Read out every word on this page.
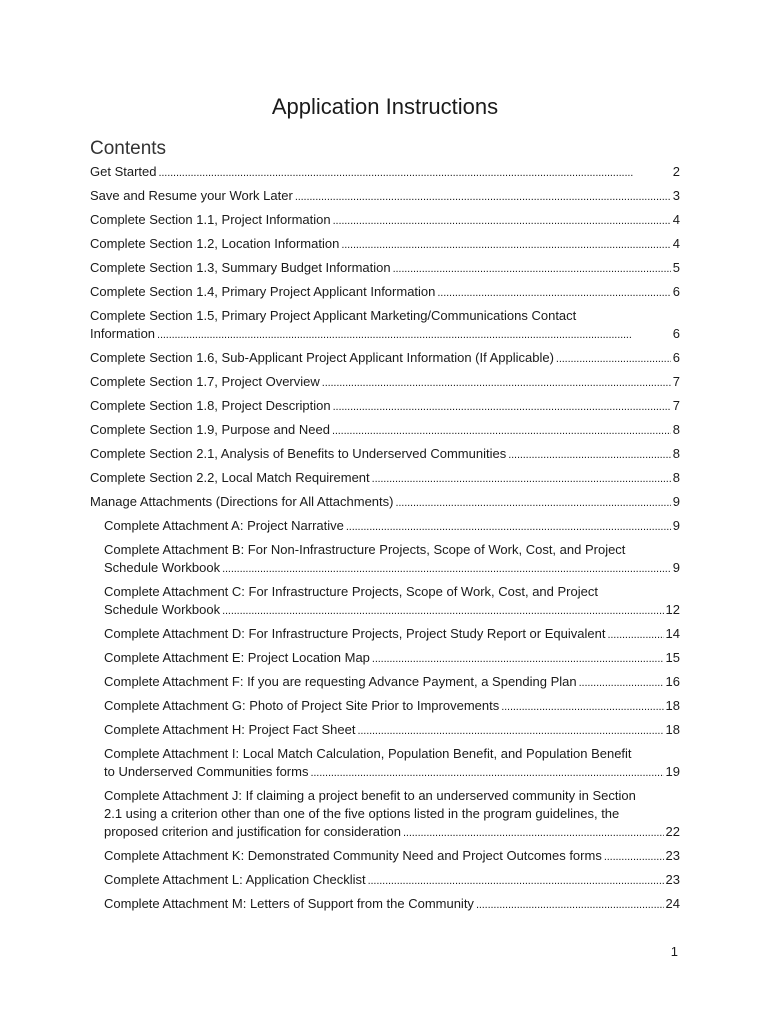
Application Instructions
Contents
Get Started . . .	2
Save and Resume your Work Later . . .	3
Complete Section 1.1, Project Information . . .	4
Complete Section 1.2, Location Information . . .	4
Complete Section 1.3, Summary Budget Information . . .	5
Complete Section 1.4, Primary Project Applicant Information . . .	6
Complete Section 1.5, Primary Project Applicant Marketing/Communications Contact
Information . . .	6
Complete Section 1.6, Sub-Applicant Project Applicant Information (If Applicable) . . .	6
Complete Section 1.7, Project Overview . . .	7
Complete Section 1.8, Project Description . . .	7
Complete Section 1.9, Purpose and Need . . .	8
Complete Section 2.1, Analysis of Benefits to Underserved Communities . . .	8
Complete Section 2.2, Local Match Requirement . . .	8
Manage Attachments (Directions for All Attachments) . . .	9
Complete Attachment A: Project Narrative . . .	9
Complete Attachment B: For Non-Infrastructure Projects, Scope of Work, Cost, and Project
Schedule Workbook . . .	9
Complete Attachment C: For Infrastructure Projects, Scope of Work, Cost, and Project
Schedule Workbook . . .	12
Complete Attachment D: For Infrastructure Projects, Project Study Report or Equivalent . . .	14
Complete Attachment E: Project Location Map . . .	15
Complete Attachment F: If you are requesting Advance Payment, a Spending Plan . . .	16
Complete Attachment G: Photo of Project Site Prior to Improvements . . .	18
Complete Attachment H: Project Fact Sheet . . .	18
Complete Attachment I: Local Match Calculation, Population Benefit, and Population Benefit
to Underserved Communities forms . . .	19
Complete Attachment J: If claiming a project benefit to an underserved community in Section
2.1 using a criterion other than one of the five options listed in the program guidelines, the
proposed criterion and justification for consideration . . .	22
Complete Attachment K: Demonstrated Community Need and Project Outcomes forms . . .	23
Complete Attachment L: Application Checklist . . .	23
Complete Attachment M: Letters of Support from the Community . . .	24
1
